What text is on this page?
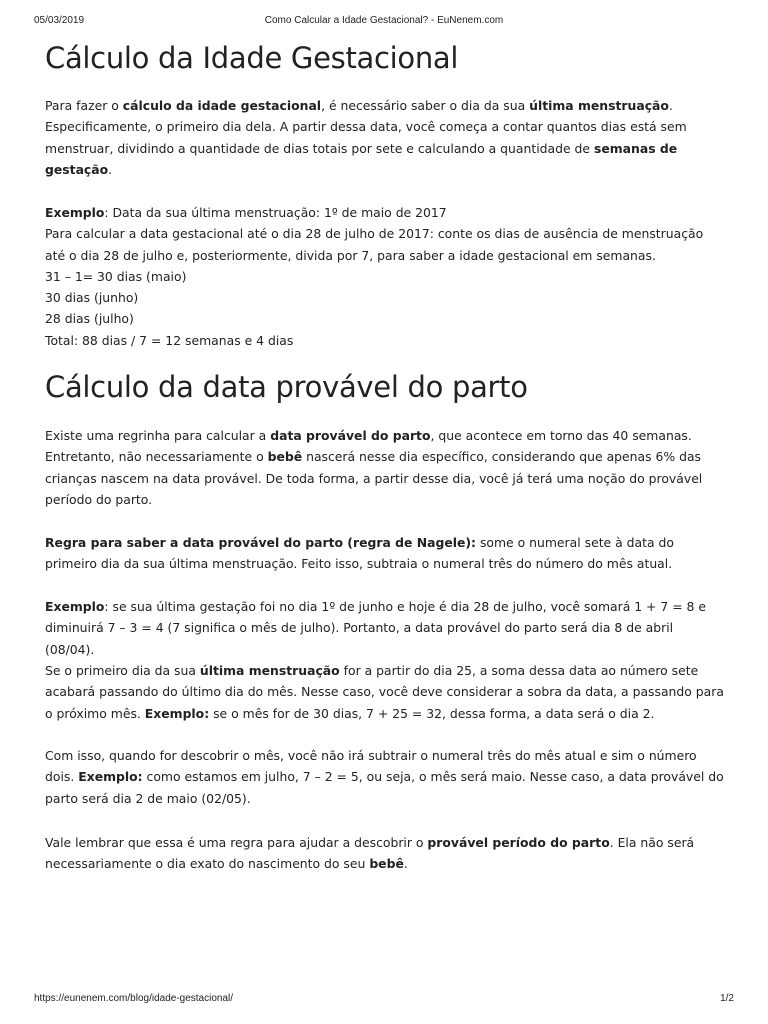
05/03/2019	Como Calcular a Idade Gestacional? - EuNenem.com
Cálculo da Idade Gestacional

Para fazer o cálculo da idade gestacional, é necessário saber o dia da sua última menstruação. Especificamente, o primeiro dia dela. A partir dessa data, você começa a contar quantos dias está sem menstruar, dividindo a quantidade de dias totais por sete e calculando a quantidade de semanas de gestação.

Exemplo: Data da sua última menstruação: 1º de maio de 2017
Para calcular a data gestacional até o dia 28 de julho de 2017: conte os dias de ausência de menstruação até o dia 28 de julho e, posteriormente, divida por 7, para saber a idade gestacional em semanas.
31 – 1= 30 dias (maio)
30 dias (junho)
28 dias (julho)
Total: 88 dias / 7 = 12 semanas e 4 dias

Cálculo da data provável do parto

Existe uma regrinha para calcular a data provável do parto, que acontece em torno das 40 semanas. Entretanto, não necessariamente o bebê nascerá nesse dia específico, considerando que apenas 6% das crianças nascem na data provável. De toda forma, a partir desse dia, você já terá uma noção do provável período do parto.

Regra para saber a data provável do parto (regra de Nagele): some o numeral sete à data do primeiro dia da sua última menstruação. Feito isso, subtraia o numeral três do número do mês atual.

Exemplo: se sua última gestação foi no dia 1º de junho e hoje é dia 28 de julho, você somará 1 + 7 = 8 e diminuirá 7 – 3 = 4 (7 significa o mês de julho). Portanto, a data provável do parto será dia 8 de abril (08/04).

Se o primeiro dia da sua última menstruação for a partir do dia 25, a soma dessa data ao número sete acabará passando do último dia do mês. Nesse caso, você deve considerar a sobra da data, a passando para o próximo mês. Exemplo: se o mês for de 30 dias, 7 + 25 = 32, dessa forma, a data será o dia 2.

Com isso, quando for descobrir o mês, você não irá subtrair o numeral três do mês atual e sim o número dois. Exemplo: como estamos em julho, 7 – 2 = 5, ou seja, o mês será maio. Nesse caso, a data provável do parto será dia 2 de maio (02/05).

Vale lembrar que essa é uma regra para ajudar a descobrir o provável período do parto. Ela não será necessariamente o dia exato do nascimento do seu bebê.

https://eunenem.com/blog/idade-gestacional/	1/2
